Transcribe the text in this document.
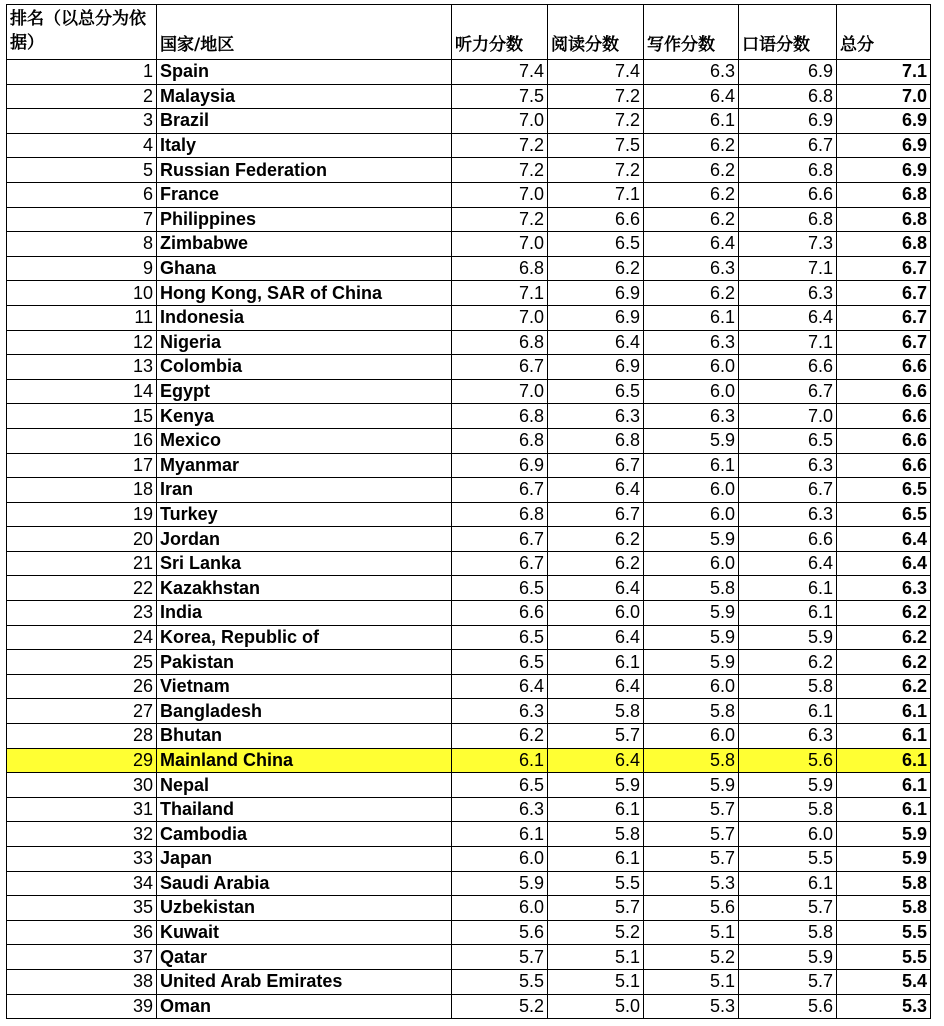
排名（以总分为依据）	国家/地区	听力分数	阅读分数	写作分数	口语分数	总分
1	Spain	7.4	7.4	6.3	6.9	7.1
2	Malaysia	7.5	7.2	6.4	6.8	7.0
3	Brazil	7.0	7.2	6.1	6.9	6.9
4	Italy	7.2	7.5	6.2	6.7	6.9
5	Russian Federation	7.2	7.2	6.2	6.8	6.9
6	France	7.0	7.1	6.2	6.6	6.8
7	Philippines	7.2	6.6	6.2	6.8	6.8
8	Zimbabwe	7.0	6.5	6.4	7.3	6.8
9	Ghana	6.8	6.2	6.3	7.1	6.7
10	Hong Kong, SAR of China	7.1	6.9	6.2	6.3	6.7
11	Indonesia	7.0	6.9	6.1	6.4	6.7
12	Nigeria	6.8	6.4	6.3	7.1	6.7
13	Colombia	6.7	6.9	6.0	6.6	6.6
14	Egypt	7.0	6.5	6.0	6.7	6.6
15	Kenya	6.8	6.3	6.3	7.0	6.6
16	Mexico	6.8	6.8	5.9	6.5	6.6
17	Myanmar	6.9	6.7	6.1	6.3	6.6
18	Iran	6.7	6.4	6.0	6.7	6.5
19	Turkey	6.8	6.7	6.0	6.3	6.5
20	Jordan	6.7	6.2	5.9	6.6	6.4
21	Sri Lanka	6.7	6.2	6.0	6.4	6.4
22	Kazakhstan	6.5	6.4	5.8	6.1	6.3
23	India	6.6	6.0	5.9	6.1	6.2
24	Korea, Republic of	6.5	6.4	5.9	5.9	6.2
25	Pakistan	6.5	6.1	5.9	6.2	6.2
26	Vietnam	6.4	6.4	6.0	5.8	6.2
27	Bangladesh	6.3	5.8	5.8	6.1	6.1
28	Bhutan	6.2	5.7	6.0	6.3	6.1
29	Mainland China	6.1	6.4	5.8	5.6	6.1
30	Nepal	6.5	5.9	5.9	5.9	6.1
31	Thailand	6.3	6.1	5.7	5.8	6.1
32	Cambodia	6.1	5.8	5.7	6.0	5.9
33	Japan	6.0	6.1	5.7	5.5	5.9
34	Saudi Arabia	5.9	5.5	5.3	6.1	5.8
35	Uzbekistan	6.0	5.7	5.6	5.7	5.8
36	Kuwait	5.6	5.2	5.1	5.8	5.5
37	Qatar	5.7	5.1	5.2	5.9	5.5
38	United Arab Emirates	5.5	5.1	5.1	5.7	5.4
39	Oman	5.2	5.0	5.3	5.6	5.3
